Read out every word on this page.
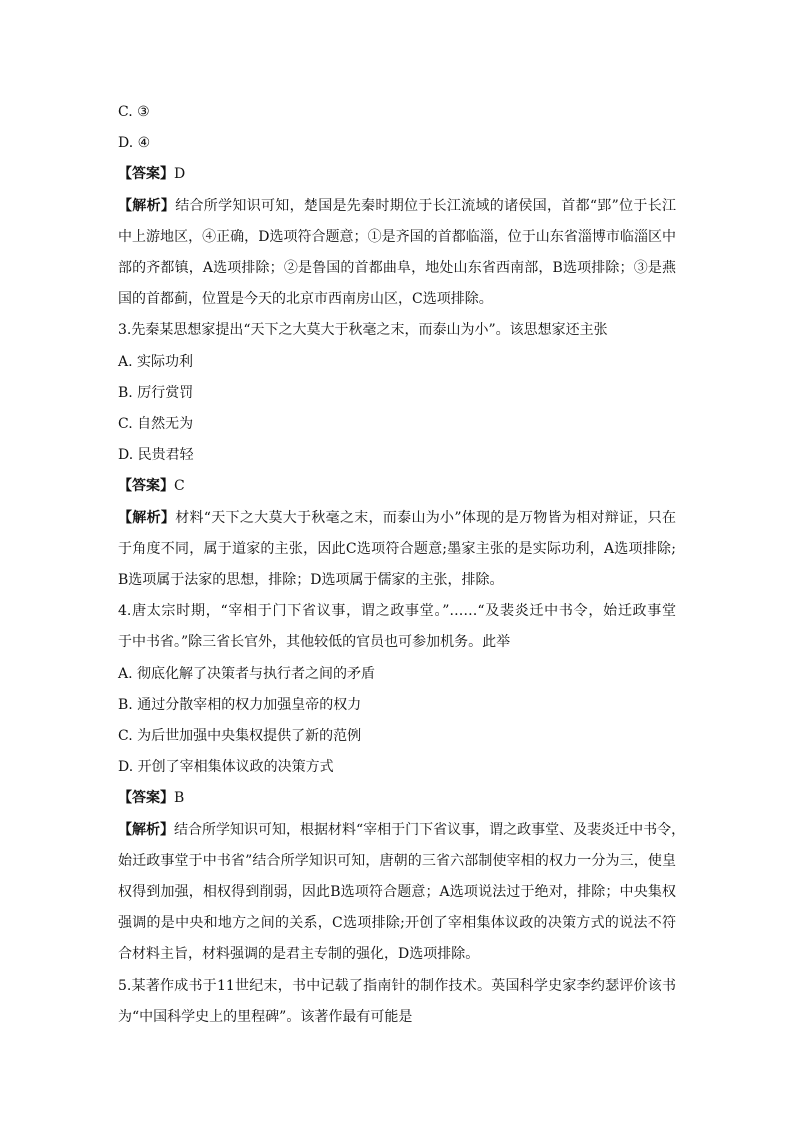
C. ③
D. ④
【答案】D
【解析】结合所学知识可知，楚国是先秦时期位于长江流域的诸侯国，首都“郢”位于长江
中上游地区，④正确，D选项符合题意；①是齐国的首都临淄，位于山东省淄博市临淄区中
部的齐都镇，A选项排除；②是鲁国的首都曲阜，地处山东省西南部，B选项排除；③是燕
国的首都蓟，位置是今天的北京市西南房山区，C选项排除。
3.先秦某思想家提出“天下之大莫大于秋毫之末，而泰山为小”。该思想家还主张
A. 实际功利
B. 厉行赏罚
C. 自然无为
D. 民贵君轻
【答案】C
【解析】材料“天下之大莫大于秋毫之末，而泰山为小”体现的是万物皆为相对辩证，只在
于角度不同，属于道家的主张，因此C选项符合题意;墨家主张的是实际功利，A选项排除;
B选项属于法家的思想，排除；D选项属于儒家的主张，排除。
4.唐太宗时期，“宰相于门下省议事，谓之政事堂。”……“及裴炎迁中书令，始迁政事堂
于中书省。”除三省长官外，其他较低的官员也可参加机务。此举
A. 彻底化解了决策者与执行者之间的矛盾
B. 通过分散宰相的权力加强皇帝的权力
C. 为后世加强中央集权提供了新的范例
D. 开创了宰相集体议政的决策方式
【答案】B
【解析】结合所学知识可知，根据材料“宰相于门下省议事，谓之政事堂、及裴炎迁中书令，
始迁政事堂于中书省”结合所学知识可知，唐朝的三省六部制使宰相的权力一分为三，使皇
权得到加强，相权得到削弱，因此B选项符合题意；A选项说法过于绝对，排除；中央集权
强调的是中央和地方之间的关系，C选项排除;开创了宰相集体议政的决策方式的说法不符
合材料主旨，材料强调的是君主专制的强化，D选项排除。
5.某著作成书于11世纪末，书中记载了指南针的制作技术。英国科学史家李约瑟评价该书
为“中国科学史上的里程碑”。该著作最有可能是
